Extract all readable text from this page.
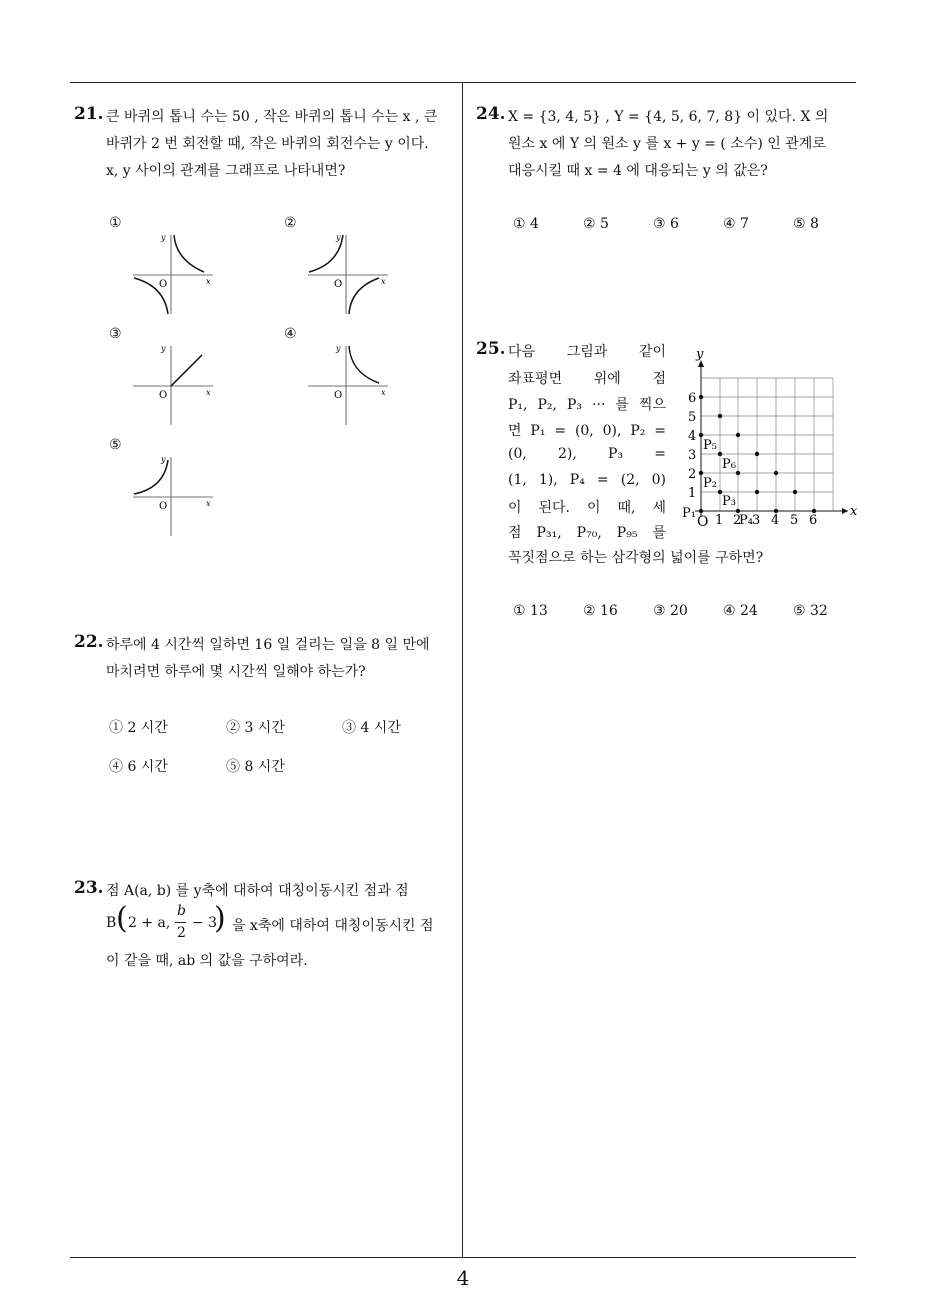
21. 큰 바퀴의 톱니 수는 50 , 작은 바퀴의 톱니 수는 x , 큰
바퀴가 2 번 회전할 때, 작은 바퀴의 회전수는 y 이다.
x, y 사이의 관계를 그래프로 나타내면?
①	②
③	④
⑤
y
x
O
y
x
O
y
x
O
y
x
O
y
x
O
22. 하루에 4 시간씩 일하면 16 일 걸리는 일을 8 일 만에
마치려면 하루에 몇 시간씩 일해야 하는가?
① 2 시간	② 3 시간	③ 4 시간
④ 6 시간	⑤ 8 시간
23. 점 A(a, b) 를 y축에 대하여 대칭이동시킨 점과 점
B ( 2 + a,
b
2
− 3
) 을 x축에 대하여 대칭이동시킨 점
이 같을 때, ab 의 값을 구하여라.
24. X = {3, 4, 5} , Y = {4, 5, 6, 7, 8} 이 있다. X 의
원소 x 에 Y 의 원소 y 를 x + y = ( 소수) 인 관계로
대응시킬 때 x = 4 에 대응되는 y 의 값은?
① 4	② 5	③ 6	④ 7	⑤ 8
25. 다음 그림과 같이
좌표평면 위에 점
P₁, P₂, P₃ ··· 를 찍으
면 P₁ = (0, 0), P₂ =
(0, 2), P₃ =
(1, 1), P₄ = (2, 0)
이 된다. 이 때, 세
점 P₃₁, P₇₀, P₉₅ 를
꼭짓점으로 하는 삼각형의 넓이를 구하면?
y
x
O 1 2 3 4 5 6
1
2
3
4
5
6
P₁
P₂
P₃
P₄
P₅
P₆
① 13	② 16	③ 20	④ 24	⑤ 32
4
